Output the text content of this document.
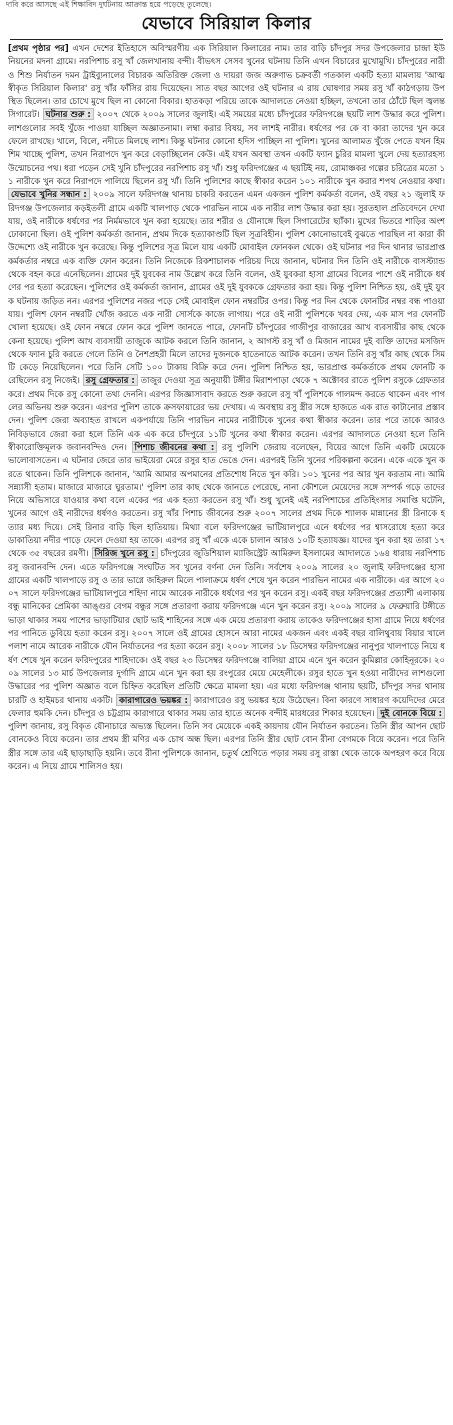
দাবি করে আসছে এই শিক্ষাবিদ দুর্ঘটনায় আক্রান্ত হয়ে পড়েছে তুলেছে।
যেভাবে সিরিয়াল কিলার

[প্রথম পৃষ্ঠার পর] এখন দেশের ইতিহাসে অবিস্মরণীয় এক সিরিয়াল কিলারের নাম। তার বাড়ি চাঁদপুর সদর উপজেলার চান্দ্রা ইউনিয়নের মদনা গ্রামে। নরপিশাচ রসু খাঁ জেলখানায় বন্দী। বীভৎস সেসব খুনের ঘটনায় তিনি এখন বিচারের মুখোমুখি। চাঁদপুরের নারী ও শিশু নির্যাতন দমন ট্রাইব্যুনালের বিচারক অতিরিক্ত জেলা ও দায়রা জজ অরুণাভ চক্রবর্তী গতকাল একটি হত্যা মামলায় 'আত্মস্বীকৃত সিরিয়াল কিলার' রসু খাঁর ফাঁসির রায় দিয়েছেন। সাত বছর আগের ওই ঘটনার এ রায় ঘোষণার সময় রসু খাঁ কাঠগড়ায় উপস্থিত ছিলেন। তার চোখে মুখে ছিল না কোনো বিকার। হাতকড়া পরিয়ে তাকে আদালতে নেওয়া হচ্ছিল, তখনো তার ঠোঁটে ছিল জ্বলন্ত সিগারেট। ঘটনার শুরু : ২০০৭ থেকে ২০০৯ সালের জুলাই। এই সময়ের মধ্যে চাঁদপুরের ফরিদগঞ্জে ছয়টি লাশ উদ্ধার করে পুলিশ। লাশগুলোর সবই খুঁজে পাওয়া যাচ্ছিল অজ্ঞাতনামা। লম্বা করার বিষয়, সব লাশই নারীর। ধর্ষণের পর কে বা কারা তাদের খুন করে ফেলে রাখছে। খালে, বিলে, নদীতে মিলছে লাশ। কিন্তু ঘটনার কোনো হদিস পাচ্ছিল না পুলিশ। খুনের আলামত খুঁজে পেতে যখন হিমশিম খাচ্ছে পুলিশ, তখন নিরাপদে খুন করে বেড়াচ্ছিলেন কেউ। এই যখন অবস্থা তখন একটি ফ্যান চুরির মামলা খুলে দেয় হত্যারহস্য উন্মোচনের পথ। ধরা পড়েন সেই খুনি চাঁদপুরের নরপিশাচ রসু খাঁ। শুধু ফরিদগঞ্জের এ ছয়টিই নয়, রোমাঞ্চকর গল্পের চরিত্রের মতো ১১ নারীকে খুন করে নিরাপদে পালিয়ে ছিলেন রসু খাঁ। তিনি পুলিশের কাছে স্বীকার করেন ১০১ নারীকে খুন করার শপথ নেওয়ার কথা। যেভাবে খুনির সন্ধান : ২০০৯ সালে ফরিদগঞ্জ থানায় চাকরি করতেন এমন একজন পুলিশ কর্মকর্তা বলেন, ওই বছর ২১ জুলাই ফরিদগঞ্জ উপজেলার কড়ইতলী গ্রামে একটি খালপাড় থেকে পারভিন নামে এক নারীর লাশ উদ্ধার করা হয়। সুরতহাল প্রতিবেদনে দেখা যায়, ওই নারীকে ধর্ষণের পর নির্মমভাবে খুন করা হয়েছে। তার শরীর ও যৌনাঙ্গে ছিল সিগারেটের ছ্যাঁকা। মুখের ভিতরে শাড়ির অংশ ঢোকানো ছিল। ওই পুলিশ কর্মকর্তা জানান, প্রথম দিকে হত্যাকাণ্ডটি ছিল সূত্রবিহীন। পুলিশ কোনোভাবেই বুঝতে পারছিল না কারা কী উদ্দেশ্যে ওই নারীকে খুন করেছে। কিন্তু পুলিশের সূত্র মিলে যায় একটি মোবাইল ফোনকল থেকে। ওই ঘটনার পর দিন থানার ভারপ্রাপ্ত কর্মকর্তার নম্বরে এক ব্যক্তি ফোন করেন। তিনি নিজেকে রিকশাচালক পরিচয় দিয়ে জানান, ঘটনার দিন তিনি ওই নারীকে বাসস্ট্যান্ড থেকে বহন করে এনেছিলেন। গ্রামের দুই যুবকের নাম উল্লেখ করে তিনি বলেন, ওই যুবকরা হাসা গ্রামের বিলের পাশে ওই নারীকে ধর্ষণের পর হত্যা করেছেন। পুলিশের ওই কর্মকর্তা জানান, গ্রামের ওই দুই যুবককে গ্রেফতার করা হয়। কিন্তু পুলিশ নিশ্চিত হয়, ওই দুই যুবক ঘটনায় জড়িত নন। এরপর পুলিশের নজর পড়ে সেই মোবাইল ফোন নম্বরটির ওপর। কিন্তু পর দিন থেকে ফোনটির নম্বর বন্ধ পাওয়া যায়। পুলিশ ফোন নম্বরটি খোঁজ করতে এক নারী সোর্সকে কাজে লাগায়। পরে ওই নারী পুলিশকে খবর দেয়, এক মাস পর ফোনটি খোলা হয়েছে। ওই ফোন নম্বরে ফোন করে পুলিশ জানতে পারে, ফোনটি চাঁদপুরের গাজীপুর বাজারের আখ ব্যবসায়ীর কাছ থেকে কেনা হয়েছে। পুলিশ আখ ব্যবসায়ী তাজুকে আটক করলে তিনি জানান, ২ আগস্ট রসু খাঁ ও মিজান নামের দুই ব্যক্তি তাদের মসজিদ থেকে ফ্যান চুরি করতে গেলে তিনি ও নৈশপ্রহরী মিলে তাদের দুজনকে হাতেনাতে আটক করেন। তখন তিনি রসু খাঁর কাছ থেকে সিমটি কেড়ে নিয়েছিলেন। পরে তিনি সেটি ১০০ টাকায় বিক্রি করে দেন। পুলিশ নিশ্চিত হয়, ভারপ্রাপ্ত কর্মকর্তাকে প্রথম ফোনটি করেছিলেন রসু নিজেই। রসু গ্রেফতার : তাজুর দেওয়া সূত্র অনুযায়ী টঙ্গীর মিরাশপাড়া থেকে ৭ অক্টোবর রাতে পুলিশ রসুকে গ্রেফতার করে। প্রথম দিকে রসু কোনো তথ্য দেননি। এরপর জিজ্ঞাসাবাদ করতে শুরু করলে রসু খাঁ পুলিশকে গালমন্দ করতে থাকেন এবং পাগলের অভিনয় শুরু করেন। এরপর পুলিশ তাকে ক্রসফায়ারের ভয় দেখায়। এ অবস্থায় রসু স্ত্রীর সঙ্গে হাজতে এক রাত কাটানোর প্রস্তাব দেন। পুলিশ জেরা অব্যাহত রাখলে একপর্যায়ে তিনি পারভিন নামের নারীটিকে খুনের কথা স্বীকার করেন। তার পরে তাকে আরও নিবিড়ভাবে জেরা করা হলে তিনি এক এক করে চাঁদপুরে ১১টি খুনের কথা স্বীকার করেন। এরপর আদালতে নেওয়া হলে তিনি স্বীকারোক্তিমূলক জবানবন্দিও দেন। পিশাচ জীবনের কথা : রসু পুলিশি জেরায় বলেছেন, বিয়ের আগে তিনি একটি মেয়েকে ভালোবাসতেন। এ ঘটনার জেরে তার ভাইয়েরা মেরে রসুর হাত ভেঙে দেন। এরপরই তিনি খুনের পরিকল্পনা করেন। একে একে খুন করতে থাকেন। তিনি পুলিশকে জানান, 'আমি আমার অপমানের প্রতিশোধ নিতে খুন করি। ১০১ খুনের পর আর খুন করতাম না। আমি সন্ন্যাসী হতাম। মাজারে মাজারে ঘুরতাম।' পুলিশ তার কাছ থেকে জানতে পেরেছে, নানা কৌশলে মেয়েদের সঙ্গে সম্পর্ক গড়ে তাদের নিয়ে অভিসারে যাওয়ার কথা বলে একের পর এক হত্যা করতেন রসু খাঁ। শুধু খুনেই এই নরপিশাচের প্রতিহিংসার সমাপ্তি ঘটেনি, খুনের আগে ওই নারীদের ধর্ষণও করতেন। রসু খাঁর পিশাচ জীবনের শুরু ২০০৭ সালের প্রথম দিকে শ্যালক মান্নানের স্ত্রী রিনাকে হত্যার মধ্য দিয়ে। সেই রিনার বাড়ি ছিল হাতিয়ায়। মিথ্যা বলে ফরিদগঞ্জের ভাটিয়ালপুরে এনে ধর্ষণের পর শ্বাসরোধে হত্যা করে ডাকাতিয়া নদীর পাড়ে ফেলে দেওয়া হয় তাকে। এরপর রসু খাঁ একে একে চালান আরও ১০টি হত্যাযজ্ঞ। যাদের খুন করা হয় তারা ১৭ থেকে ৩৫ বছরের রমণী। সিরিজ খুনে রসু : চাঁদপুরের জুডিশিয়াল ম্যাজিস্ট্রেট আমিরুল ইসলামের আদালতে ১৬৪ ধারায় নরপিশাচ রসু জবানবন্দি দেন। এতে ফরিদগঞ্জে সংঘটিত সব খুনের বর্ণনা দেন তিনি। সর্বশেষ ২০০৯ সালের ২০ জুলাই ফরিদগঞ্জের হাসা গ্রামের একটি খালপাড়ে রসু ও তার ভাগ্নে জহিরুল মিলে পালাক্রমে ধর্ষণ শেষে খুন করেন পারভিন নামের এক নারীকে। এর আগে ২০০৭ সালে ফরিদগঞ্জের ভাটিয়ালপুরে শহিদা নামে আরেক নারীকে ধর্ষণের পর খুন করেন রসু। একই বছর ফরিদগঞ্জের প্রত্যাশী এলাকায় বন্ধু মানিকের প্রেমিকা আঙ্গুর বেগম বন্ধুর সঙ্গে প্রতারণা করায় ফরিদগঞ্জে এনে খুন করেন রসু। ২০০৯ সালের ৯ ফেব্রুয়ারি টঙ্গীতে ভাড়া থাকার সময় পাশের ভাড়াটিয়ার ছোট ভাই শাহিনের সঙ্গে এক মেয়ে প্রতারণা করায় তাকেও ফরিদগঞ্জের হাসা গ্রামে নিয়ে ধর্ষণের পর পানিতে ডুবিয়ে হত্যা করেন রসু। ২০০৭ সালে ওই গ্রামের হোসনে আরা নামের একজন এবং একই বছর বালিথুবায় বিয়ার খালে পলাশ নামে আরেক নারীকে যৌন নির্যাতনের পর হত্যা করেন রসু। ২০০৮ সালের ১৮ ডিসেম্বর ফরিদগঞ্জের নানুপুর খালপাড়ে নিয়ে ধর্ষণ শেষে খুন করেন ফরিদপুরের শাহিদাকে। ওই বছর ২৩ ডিসেম্বর ফরিদগঞ্জে বালিয়া গ্রামে এনে খুন করেন কুমিল্লার কোহিনূরকে। ২০০৯ সালের ১৩ মার্চ উপজেলার দুর্গাদি গ্রামে এনে খুন করা হয় রংপুরের মেয়ে মেহেলীকে। রসুর হাতে খুন হওয়া নারীদের লাশগুলো উদ্ধারের পর পুলিশ অজ্ঞাত বলে চিহ্নিত করেছিল প্রতিটি ক্ষেত্রে মামলা হয়। এর মধ্যে ফরিদগঞ্জ থানায় ছয়টি, চাঁদপুর সদর থানায় চারটি ও হাইমচর থানায় একটি। কারাগারেও ভয়ঙ্কর : কারাগারেও রসু ভয়ঙ্কর হয়ে উঠেছেন। বিনা কারণে সাধারণ কয়েদিদের মেরে ফেলার হুমকি দেন। চাঁদপুর ও চট্টগ্রাম কারাগারে থাকার সময় তার হাতে অনেক বন্দীই মারধরের শিকার হয়েছেন। দুই বোনকে বিয়ে : পুলিশ জানায়, রসু বিকৃত যৌনাচারে অভ্যস্ত ছিলেন। তিনি সব মেয়েকে একই কায়দায় যৌন নির্যাতন করতেন। তিনি স্ত্রীর আপন ছোট বোনকেও বিয়ে করেন। তার প্রথম স্ত্রী মণির এক চোখ অন্ধ ছিল। এরপর তিনি স্ত্রীর ছোট বোন রীনা বেগমকে বিয়ে করেন। পরে তিনি স্ত্রীর সঙ্গে তার এই ছাড়াছাড়ি হয়নি। তবে রীনা পুলিশকে জানান, চতুর্থ শ্রেণিতে পড়ার সময় রসু রাস্তা থেকে তাকে অপহরণ করে বিয়ে করেন। এ নিয়ে গ্রামে শালিসও হয়।
